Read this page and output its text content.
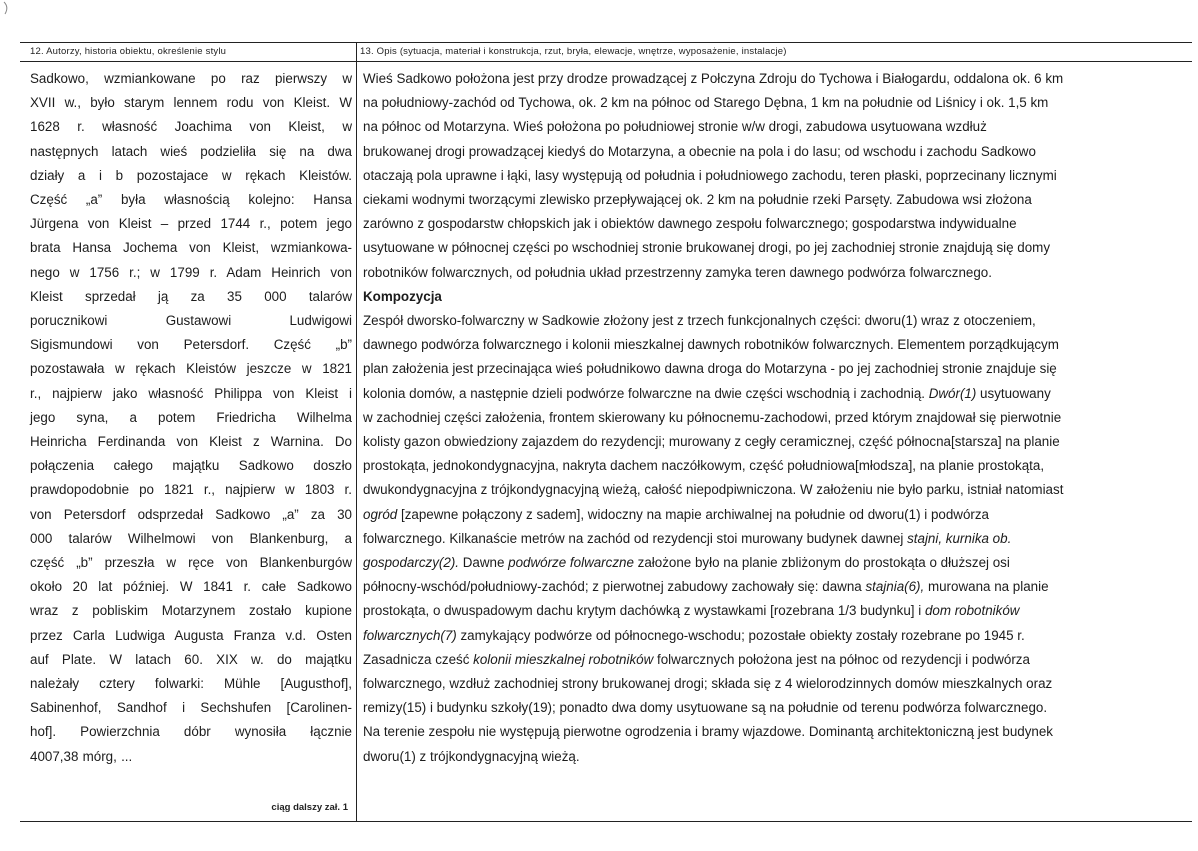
12. Autorzy, historia obiektu, określenie stylu
Sadkowo, wzmiankowane po raz pierwszy w
XVII w., było starym lennem rodu von Kleist. W
1628 r. własność Joachima von Kleist, w
następnych latach wieś podzieliła się na dwa
działy a i b pozostajace w rękach Kleistów.
Część „a” była własnością kolejno: Hansa
Jürgena von Kleist – przed 1744 r., potem jego
brata Hansa Jochema von Kleist, wzmiankowa-
nego w 1756 r.; w 1799 r. Adam Heinrich von
Kleist sprzedał ją za 35 000 talarów
porucznikowi Gustawowi Ludwigowi
Sigismundowi von Petersdorf. Część „b”
pozostawała w rękach Kleistów jeszcze w 1821
r., najpierw jako własność Philippa von Kleist i
jego syna, a potem Friedricha Wilhelma
Heinricha Ferdinanda von Kleist z Warnina. Do
połączenia całego majątku Sadkowo doszło
prawdopodobnie po 1821 r., najpierw w 1803 r.
von Petersdorf odsprzedał Sadkowo „a” za 30
000 talarów Wilhelmowi von Blankenburg, a
część „b” przeszła w ręce von Blankenburgów
około 20 lat później. W 1841 r. całe Sadkowo
wraz z pobliskim Motarzynem zostało kupione
przez Carla Ludwiga Augusta Franza v.d. Osten
auf Plate. W latach 60. XIX w. do majątku
należały cztery folwarki: Mühle [Augusthof],
Sabinenhof, Sandhof i Sechshufen [Carolinen-
hof]. Powierzchnia dóbr wynosiła łącznie
4007,38 mórg, ...
ciąg dalszy zał. 1
13. Opis (sytuacja, materiał i konstrukcja, rzut, bryła, elewacje, wnętrze, wyposażenie, instalacje)
Wieś Sadkowo położona jest przy drodze prowadzącej z Połczyna Zdroju do Tychowa i Białogardu, oddalona ok. 6 km
na południowy-zachód od Tychowa, ok. 2 km na północ od Starego Dębna, 1 km na południe od Liśnicy i ok. 1,5 km
na północ od Motarzyna. Wieś położona po południowej stronie w/w drogi, zabudowa usytuowana wzdłuż
brukowanej drogi prowadzącej kiedyś do Motarzyna, a obecnie na pola i do lasu; od wschodu i zachodu Sadkowo
otaczają pola uprawne i łąki, lasy występują od południa i południowego zachodu, teren płaski, poprzecinany licznymi
ciekami wodnymi tworzącymi zlewisko przepływającej ok. 2 km na południe rzeki Parsęty. Zabudowa wsi złożona
zarówno z gospodarstw chłopskich jak i obiektów dawnego zespołu folwarcznego; gospodarstwa indywidualne
usytuowane w północnej części po wschodniej stronie brukowanej drogi, po jej zachodniej stronie znajdują się domy
robotników folwarcznych, od południa układ przestrzenny zamyka teren dawnego podwórza folwarcznego.
Kompozycja
Zespół dworsko-folwarczny w Sadkowie złożony jest z trzech funkcjonalnych części: dworu(1) wraz z otoczeniem,
dawnego podwórza folwarcznego i kolonii mieszkalnej dawnych robotników folwarcznych. Elementem porządkującym
plan założenia jest przecinająca wieś południkowo dawna droga do Motarzyna - po jej zachodniej stronie znajduje się
kolonia domów, a następnie dzieli podwórze folwarczne na dwie części wschodnią i zachodnią. Dwór(1) usytuowany
w zachodniej części założenia, frontem skierowany ku północnemu-zachodowi, przed którym znajdował się pierwotnie
kolisty gazon obwiedziony zajazdem do rezydencji; murowany z cegły ceramicznej, część północna[starsza] na planie
prostokąta, jednokondygnacyjna, nakryta dachem naczółkowym, część południowa[młodsza], na planie prostokąta,
dwukondygnacyjna z trójkondygnacyjną wieżą, całość niepodpiwniczona. W założeniu nie było parku, istniał natomiast
ogród [zapewne połączony z sadem], widoczny na mapie archiwalnej na południe od dworu(1) i podwórza
folwarcznego. Kilkanaście metrów na zachód od rezydencji stoi murowany budynek dawnej stajni, kurnika ob.
gospodarczy(2). Dawne podwórze folwarczne założone było na planie zbliżonym do prostokąta o dłuższej osi
północny-wschód/południowy-zachód; z pierwotnej zabudowy zachowały się: dawna stajnia(6), murowana na planie
prostokąta, o dwuspadowym dachu krytym dachówką z wystawkami [rozebrana 1/3 budynku] i dom robotników
folwarcznych(7) zamykający podwórze od północnego-wschodu; pozostałe obiekty zostały rozebrane po 1945 r.
Zasadnicza cześć kolonii mieszkalnej robotników folwarcznych położona jest na północ od rezydencji i podwórza
folwarcznego, wzdłuż zachodniej strony brukowanej drogi; składa się z 4 wielorodzinnych domów mieszkalnych oraz
remizy(15) i budynku szkoły(19); ponadto dwa domy usytuowane są na południe od terenu podwórza folwarcznego.
Na terenie zespołu nie występują pierwotne ogrodzenia i bramy wjazdowe. Dominantą architektoniczną jest budynek
dworu(1) z trójkondygnacyjną wieżą.
